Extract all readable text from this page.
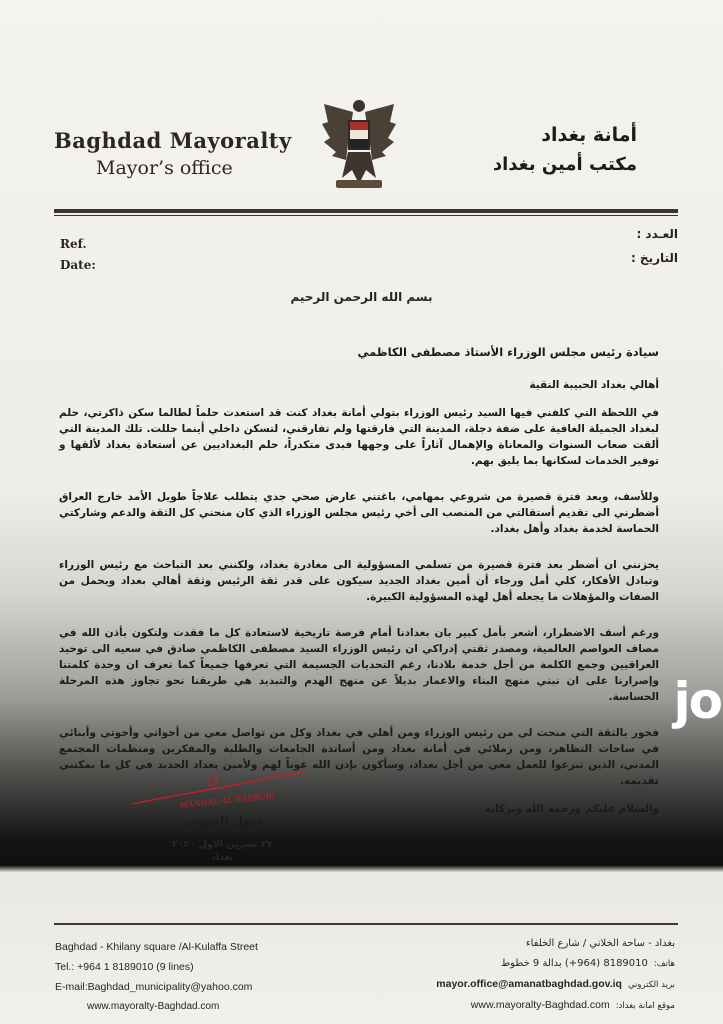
Baghdad Mayoralty
Mayor’s office
أمانة بغداد
مكتب أمين بغداد
Ref.
Date:
العـدد :
التاريخ :
بسم الله الرحمن الرحيم

سيادة رئيس مجلس الوزراء الأستاذ مصطفى الكاظمي

أهالي بغداد الحبيبة النقية

في اللحظة التي كلفني فيها السيد رئيس الوزراء بتولي أمانة بغداد كنت قد استعدت حلماً لطالما سكن ذاكرتي، حلم لبغداد الجميلة الغافية على ضفة دجلة، المدينة التي فارقتها ولم تفارقني، لتسكن داخلي أينما حللت. تلك المدينة التي ألقت صعاب السنوات والمعاناة والإهمال آثاراً على وجهها فبدى متكدراً، حلم البغداديين عن أستعادة بغداد لألقها و توفير الخدمات لسكانها بما يليق بهم.

وللأسف، وبعد فترة قصيرة من شروعي بمهامي، باغتني عارض صحي جدي يتطلب علاجاً طويل الأمد خارج العراق أضطرني الى تقديم أستقالتي من المنصب الى أخي رئيس مجلس الوزراء الذي كان منحني كل الثقة والدعم وشاركتي الحماسة لخدمة بغداد وأهل بغداد.

يحزنني ان أضطر بعد فترة قصيرة من تسلمي المسؤولية الى مغادرة بغداد، ولكنني بعد التباحث مع رئيس الوزراء وتبادل الأفكار، كلي أمل ورجاء أن أمين بغداد الجديد سيكون على قدر ثقة الرئيس وثقة أهالي بغداد ويحمل من الصفات والمؤهلات ما يجعله أهل لهذه المسؤولية الكبيرة.

ورغم أسف الاضطرار، أشعر بأمل كبير بان بغدادنا أمام فرصة تاريخية لاستعادة كل ما فقدت ولتكون بأذن الله في مصاف العواصم العالمية، ومصدر ثقتي إدراكي ان رئيس الوزراء السيد مصطفى الكاظمي صادق في سعيه الى توحيد العراقيين وجمع الكلمة من أجل خدمة بلادنا، رغم التحديات الجسيمة التي نعرفها جميعاً كما نعرف ان وحدة كلمتنا وإصرارنا على ان نبني منهج البناء والاعمار بديلاً عن منهج الهدم والتبديد هي طريقنا نحو تجاوز هذه المرحلة الحساسة.

فخور بالثقة التي منحت لي من رئيس الوزراء ومن أهلي في بغداد وكل من تواصل معي من أخواتي وأخوتي وأبنائي في ساحات التظاهر، ومن زملائي في أمانة بغداد ومن أساتذة الجامعات والطلبة والمفكرين ومنظمات المجتمع المدني، الذين تبرعوا للعمل معي من أجل بغداد، وسأكون بإذن الله عوناً لهم ولأمين بغداد الجديد في كل ما يمكنني تقديمه.

والسلام عليكم ورحمة الله وبركاته

MANHAL AL HABBOBI
منهل الحبوبي
٢٧ تشرين الاول ٢٠٢٠
بغداد
jo
Baghdad - Khilany square /Al-Kulaffa Street
Tel.: +964 1 8189010 (9 lines)
E-mail:Baghdad_municipality@yahoo.com
www.mayoralty-Baghdad.com
بغداد - ساحة الخلاني / شارع الخلفاء
هاتف:
8189010 (964+) بدالة 9 خطوط
بريد الكتروني
mayor.office@amanatbaghdad.gov.iq
موقع امانة بغداد:
www.mayoralty-Baghdad.com
